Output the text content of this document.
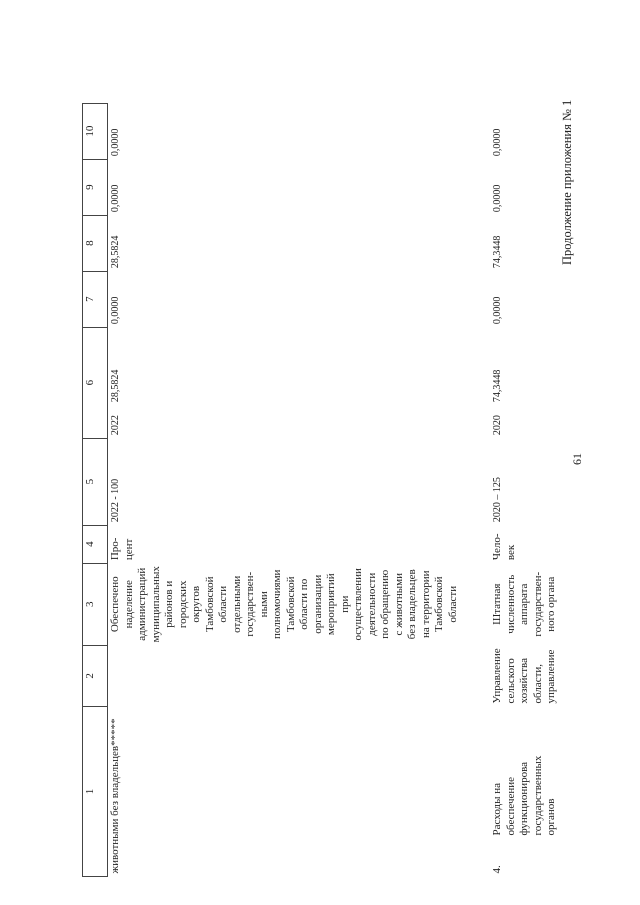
61
Продолжение приложения № 1
1	2	3	4	5	6		7	8	9	10
животными без владельцев*****		Обеспечено наделение администраций муниципальных районов и городских округов Тамбовской области отдельными государствен-ными полномочиями Тамбовской области по организации мероприятий при осуществлении деятельности по обращению с животными без владельцев на территории Тамбовской области	Про-цент	2022 - 100	2022	28,5824	0,0000	28,5824	0,0000	0,0000
4.Расходы на обеспечение функционирова государственных органов	Управление сельского хозяйства области, управление	Штатная численность аппарата государствен-ного органа	Чело-век	2020 – 125	2020	74,3448	0,0000	74,3448	0,0000	0,0000
